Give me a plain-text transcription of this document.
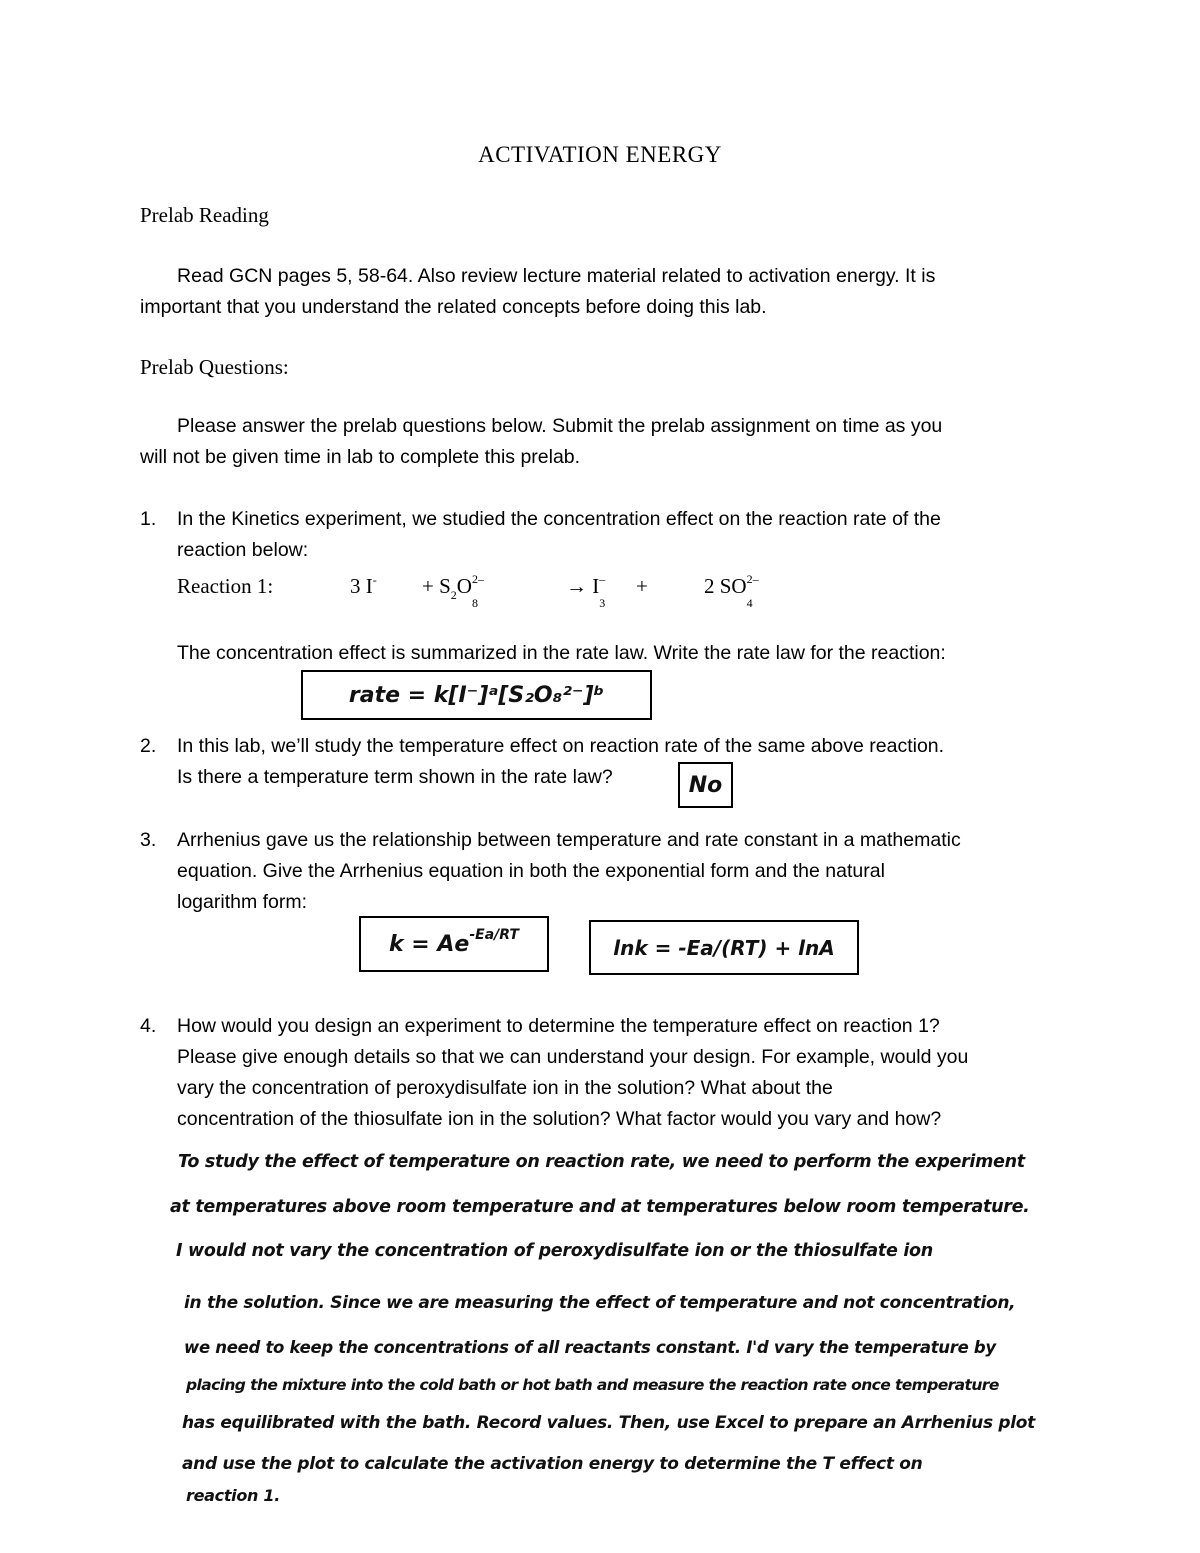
ACTIVATION ENERGY
Prelab Reading
Read GCN pages 5, 58-64. Also review lecture material related to activation energy. It is
important that you understand the related concepts before doing this lab.
Prelab Questions:
Please answer the prelab questions below. Submit the prelab assignment on time as you
will not be given time in lab to complete this prelab.
1. In the Kinetics experiment, we studied the concentration effect on the reaction rate of the
reaction below:
Reaction 1:	3 $I^- + S_2O$ 2–
8
→ I –
3
+	2 SO 2–
4
The concentration effect is summarized in the rate law. Write the rate law for the reaction:
rate = k[I⁻]ᵃ[S₂O₈²⁻]ᵇ
2. In this lab, we’ll study the temperature effect on reaction rate of the same above reaction.
Is there a temperature term shown in the rate law?	No
3. Arrhenius gave us the relationship between temperature and rate constant in a mathematic
equation. Give the Arrhenius equation in both the exponential form and the natural
logarithm form:
$k = Ae^{-Ea/RT}$
lnk = -Ea/(RT) + lnA
4. How would you design an experiment to determine the temperature effect on reaction 1?
Please give enough details so that we can understand your design. For example, would you
vary the concentration of peroxydisulfate ion in the solution? What about the
concentration of the thiosulfate ion in the solution? What factor would you vary and how?
To study the effect of temperature on reaction rate, we need to perform the experiment
at temperatures above room temperature and at temperatures below room temperature.
I would not vary the concentration of peroxydisulfate ion or the thiosulfate ion
in the solution. Since we are measuring the effect of temperature and not concentration,
we need to keep the concentrations of all reactants constant. I'd vary the temperature by
placing the mixture into the cold bath or hot bath and measure the reaction rate once temperature
has equilibrated with the bath. Record values. Then, use Excel to prepare an Arrhenius plot
and use the plot to calculate the activation energy to determine the T effect on
reaction 1.
